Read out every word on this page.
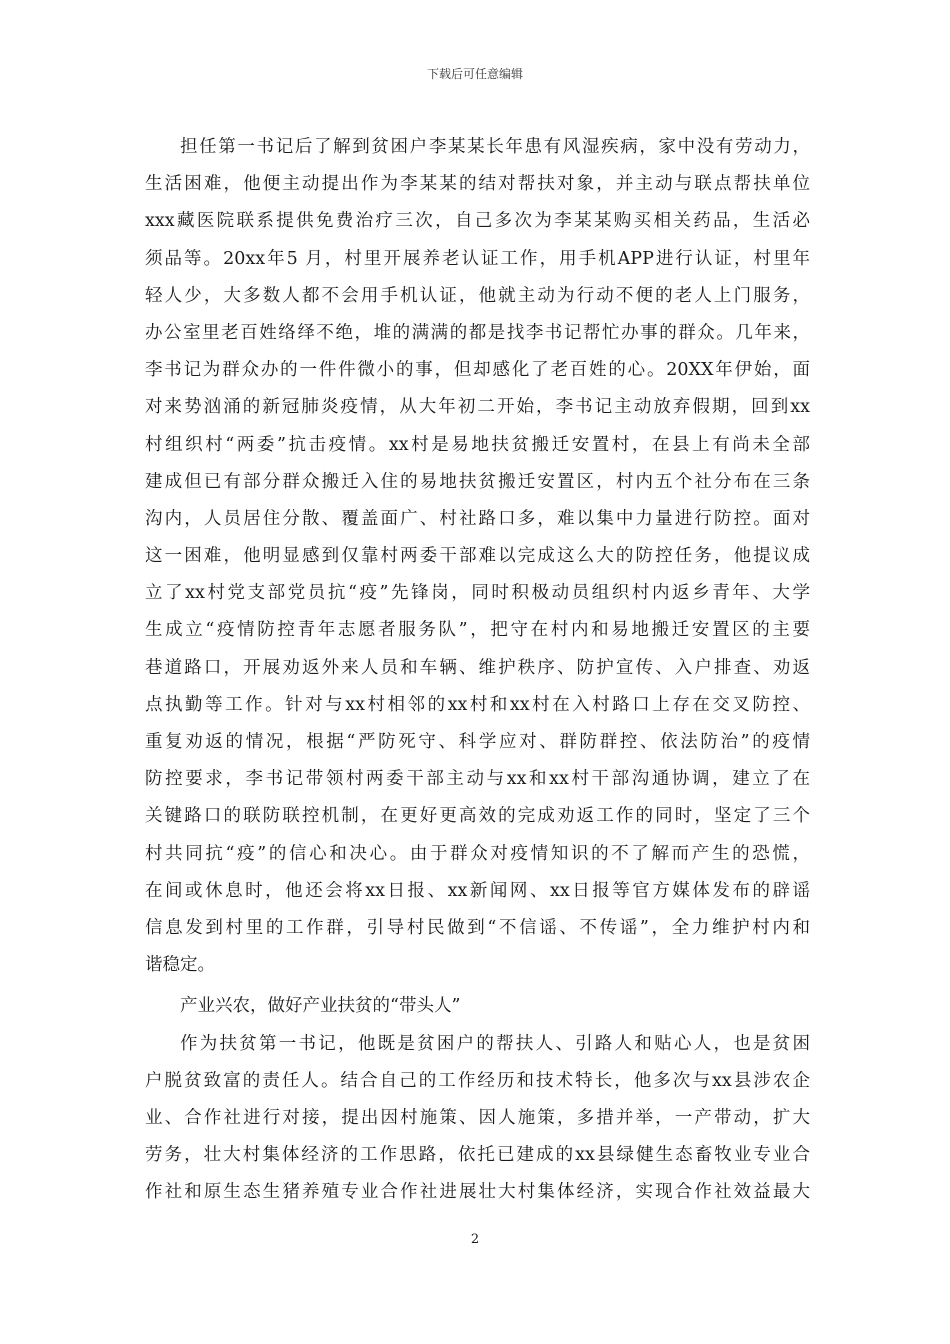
下载后可任意编辑
担任第一书记后了解到贫困户李某某长年患有风湿疾病，家中没有劳动力，
生活困难，他便主动提出作为李某某的结对帮扶对象，并主动与联点帮扶单位
xxx藏医院联系提供免费治疗三次，自己多次为李某某购买相关药品，生活必
须品等。20xx年5 月，村里开展养老认证工作，用手机APP进行认证，村里年
轻人少，大多数人都不会用手机认证，他就主动为行动不便的老人上门服务，
办公室里老百姓络绎不绝，堆的满满的都是找李书记帮忙办事的群众。几年来，
李书记为群众办的一件件微小的事，但却感化了老百姓的心。20XX年伊始，面
对来势汹涌的新冠肺炎疫情，从大年初二开始，李书记主动放弃假期，回到xx
村组织村“两委”抗击疫情。xx村是易地扶贫搬迁安置村，在县上有尚未全部
建成但已有部分群众搬迁入住的易地扶贫搬迁安置区，村内五个社分布在三条
沟内，人员居住分散、覆盖面广、村社路口多，难以集中力量进行防控。面对
这一困难，他明显感到仅靠村两委干部难以完成这么大的防控任务，他提议成
立了xx村党支部党员抗“疫”先锋岗，同时积极动员组织村内返乡青年、大学
生成立“疫情防控青年志愿者服务队”，把守在村内和易地搬迁安置区的主要
巷道路口，开展劝返外来人员和车辆、维护秩序、防护宣传、入户排查、劝返
点执勤等工作。针对与xx村相邻的xx村和xx村在入村路口上存在交叉防控、
重复劝返的情况，根据“严防死守、科学应对、群防群控、依法防治”的疫情
防控要求，李书记带领村两委干部主动与xx和xx村干部沟通协调，建立了在
关键路口的联防联控机制，在更好更高效的完成劝返工作的同时，坚定了三个
村共同抗“疫”的信心和决心。由于群众对疫情知识的不了解而产生的恐慌，
在间或休息时，他还会将xx日报、xx新闻网、xx日报等官方媒体发布的辟谣
信息发到村里的工作群，引导村民做到“不信谣、不传谣”，全力维护村内和
谐稳定。
产业兴农，做好产业扶贫的“带头人”
作为扶贫第一书记，他既是贫困户的帮扶人、引路人和贴心人，也是贫困
户脱贫致富的责任人。结合自己的工作经历和技术特长，他多次与xx县涉农企
业、合作社进行对接，提出因村施策、因人施策，多措并举，一产带动，扩大
劳务，壮大村集体经济的工作思路，依托已建成的xx县绿健生态畜牧业专业合
作社和原生态生猪养殖专业合作社进展壮大村集体经济，实现合作社效益最大
2
